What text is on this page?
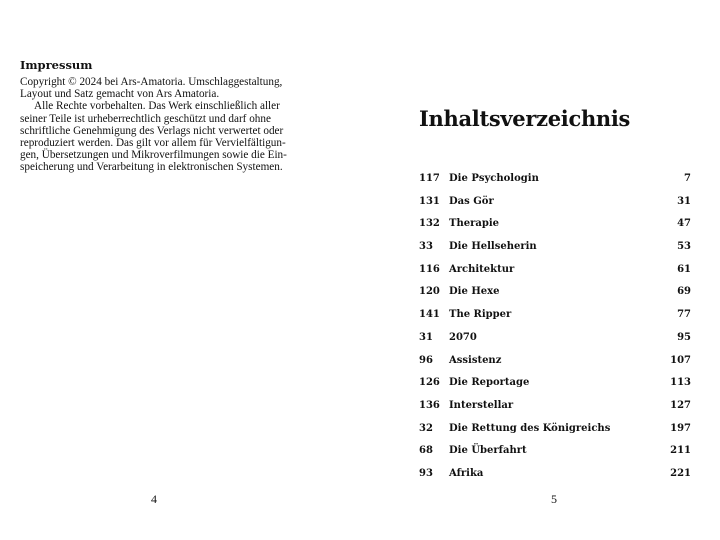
Impressum

Copyright © 2024 bei Ars-Amatoria. Umschlaggestaltung,
Layout und Satz gemacht von Ars Amatoria.

Alle Rechte vorbehalten. Das Werk einschließlich aller
seiner Teile ist urheberrechtlich geschützt und darf ohne
schriftliche Genehmigung des Verlags nicht verwertet oder
reproduziert werden. Das gilt vor allem für Vervielfältigun-
gen, Übersetzungen und Mikroverfilmungen sowie die Ein-
speicherung und Verarbeitung in elektronischen Systemen.

4
Inhaltsverzeichnis
117 Die Psychologin	7
131 Das Gör	31
132 Therapie	47
33 Die Hellseherin	53
116 Architektur	61
120 Die Hexe	69
141 The Ripper	77
31 2070	95
96 Assistenz	107
126 Die Reportage	113
136 Interstellar	127
32 Die Rettung des Königreichs	197
68 Die Überfahrt	211
93 Afrika	221
5
